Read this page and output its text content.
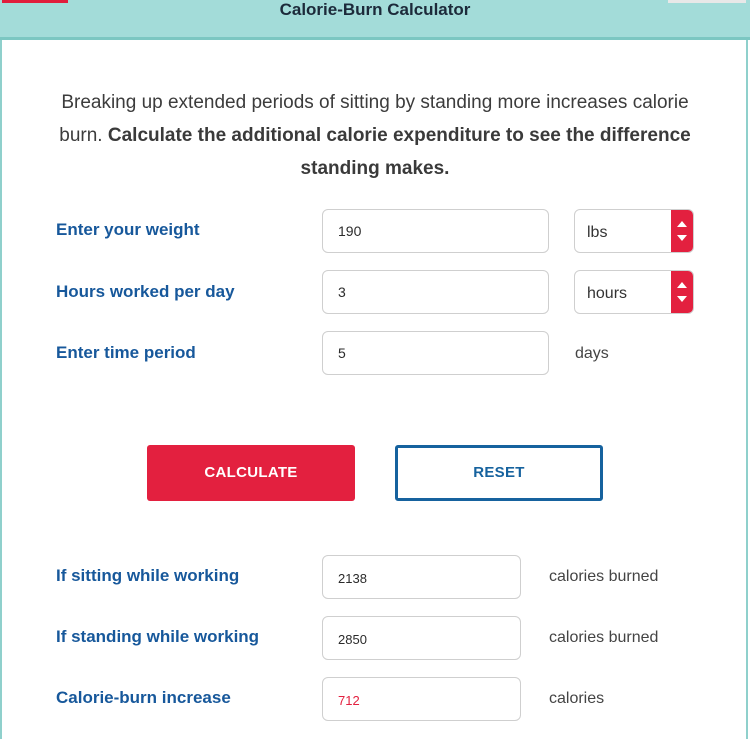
Calorie-Burn Calculator
Breaking up extended periods of sitting by standing more increases calorie burn. Calculate the additional calorie expenditure to see the difference standing makes.
Enter your weight	190	lbs
Hours worked per day	3	hours
Enter time period	5	days
CALCULATE	RESET
If sitting while working	2138	calories burned
If standing while working	2850	calories burned
Calorie-burn increase	712	calories
